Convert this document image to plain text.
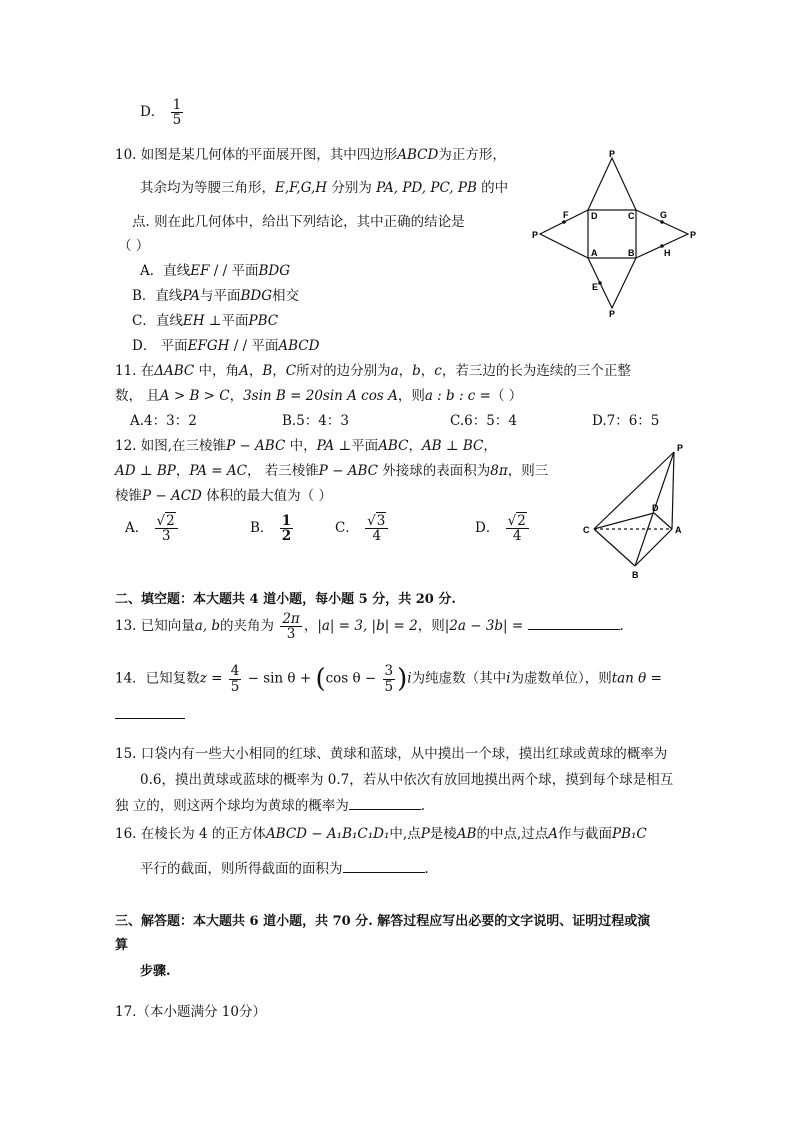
D． $\frac{1}{5}$
10. 如图是某几何体的平面展开图，其中四边形ABCD为正方形，
其余均为等腰三角形，E,F,G,H 分别为 PA, PD, PC, PB 的中
点. 则在此几何体中，给出下列结论，其中正确的结论是
（ ）
A．直线EF / / 平面BDG
B．直线PA与平面BDG相交
C．直线EH ⊥平面PBC
D． 平面EFGH / / 平面ABCD
P
P
P	P
F	D	C	G
A	B	H
E
11. 在ΔABC 中，角A，B，C所对的边分别为a，b，c，若三边的长为连续的三个正整
数， 且A > B > C，3sin B = 20sin A cos A，则a : b : c =（ ）
A.4：3：2	B.5：4：3	C.6：5：4	D.7：6：5
12. 如图,在三棱锥P − ABC 中，PA ⊥平面ABC，AB ⊥ BC，
AD ⊥ BP，PA = AC， 若三棱锥P − ABC 外接球的表面积为8π，则三
棱锥P − ACD 体积的最大值为（ ）
A． $\frac{√2}{3}$	B． $\frac{1}{2}$	C． $\frac{√3}{4}$	D． $\frac{√2}{4}$
P
D
C	A
B
二、填空题：本大题共 4 道小题，每小题 5 分，共 20 分.
13. 已知向量a, b的夹角为 $\frac{2\pi}{3}$ ，|a| = 3, |b| = 2，则|2a − 3b| =	.
14．已知复数$z = \frac{4}{5} - \sin \theta + (\cos$ $\theta - \frac{3}{5} )i$为纯虚数（其中i为虚数单位），则tan θ =
15. 口袋内有一些大小相同的红球、黄球和蓝球，从中摸出一个球，摸出红球或黄球的概率为
0.6，摸出黄球或蓝球的概率为 0.7，若从中依次有放回地摸出两个球，摸到每个球是相互
独 立的，则这两个球均为黄球的概率为	.
16. 在棱长为 4 的正方体ABCD − A₁B₁C₁D₁中,点P是棱AB的中点,过点A作与截面PB₁C
平行的截面，则所得截面的面积为	.
三、解答题：本大题共 6 道小题，共 70 分. 解答过程应写出必要的文字说明、证明过程或演
算
步骤.
17.（本小题满分 10分）
